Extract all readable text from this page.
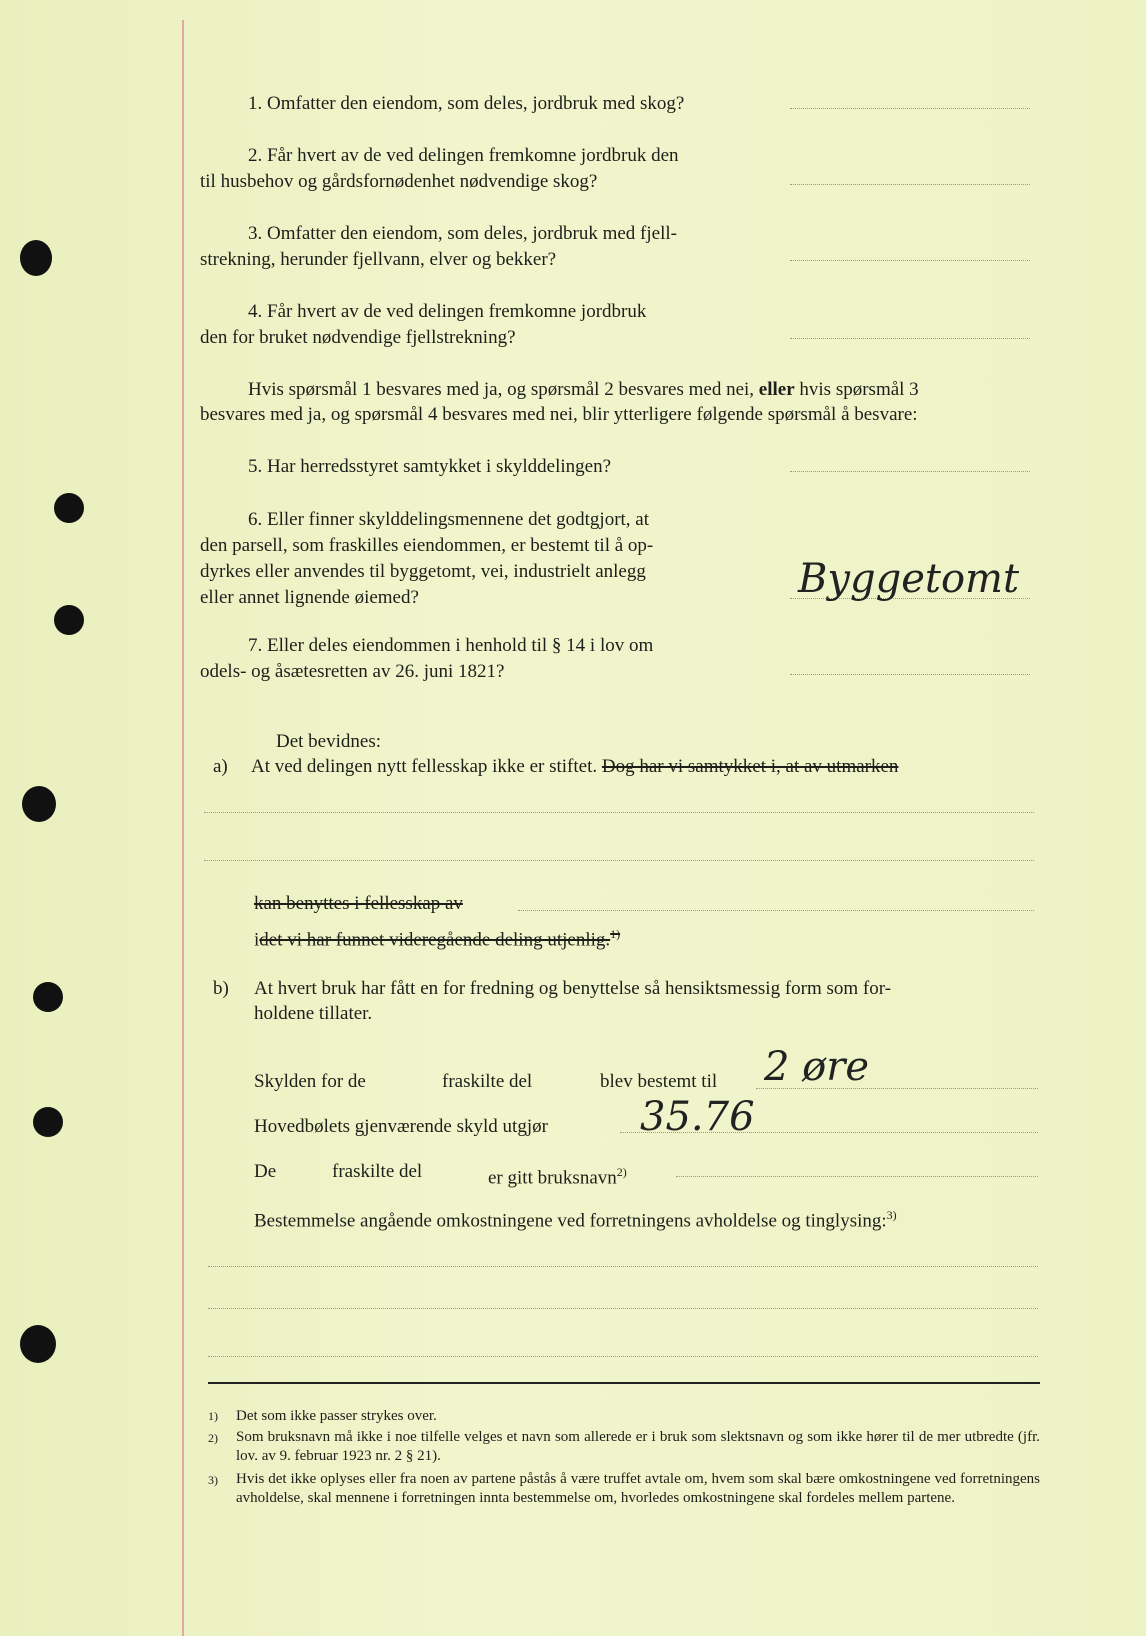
1. Omfatter den eiendom, som deles, jordbruk med skog?
2. Får hvert av de ved delingen fremkomne jordbruk den
til husbehov og gårdsfornødenhet nødvendige skog?
3. Omfatter den eiendom, som deles, jordbruk med fjell-
strekning, herunder fjellvann, elver og bekker?
4. Får hvert av de ved delingen fremkomne jordbruk
den for bruket nødvendige fjellstrekning?
Hvis spørsmål 1 besvares med ja, og spørsmål 2 besvares med nei, eller hvis spørsmål 3
besvares med ja, og spørsmål 4 besvares med nei, blir ytterligere følgende spørsmål å besvare:
5. Har herredsstyret samtykket i skylddelingen?
6. Eller finner skylddelingsmennene det godtgjort, at
den parsell, som fraskilles eiendommen, er bestemt til å op-
dyrkes eller anvendes til byggetomt, vei, industrielt anlegg
eller annet lignende øiemed?	Byggetomt
7. Eller deles eiendommen i henhold til § 14 i lov om
odels- og åsætesretten av 26. juni 1821?
Det bevidnes:
a) At ved delingen nytt fellesskap ikke er stiftet. Dog har vi samtykket i, at av utmarken
kan benyttes i fellesskap av
idet vi har funnet videregående deling utjenlig.$^{1)}$
b) At hvert bruk har fått en for fredning og benyttelse så hensiktsmessig form som for-
holdene tillater.
Skylden for de	fraskilte del	blev bestemt til 2 øre
Hovedbølets gjenværende skyld utgjør 35.76
De	fraskilte del	er gitt bruksnavn$^{2)}$
Bestemmelse angående omkostningene ved forretningens avholdelse og tinglysing:$^{3)}$
1) Det som ikke passer strykes over.
2) Som bruksnavn må ikke i noe tilfelle velges et navn som allerede er i bruk som slektsnavn og som ikke hører til de mer utbredte (jfr. lov. av 9. februar 1923 nr. 2 § 21).
3) Hvis det ikke oplyses eller fra noen av partene påstås å være truffet avtale om, hvem som skal bære omkostningene ved forretningens avholdelse, skal mennene i forretningen innta bestemmelse om, hvorledes omkostningene skal fordeles mellem partene.
